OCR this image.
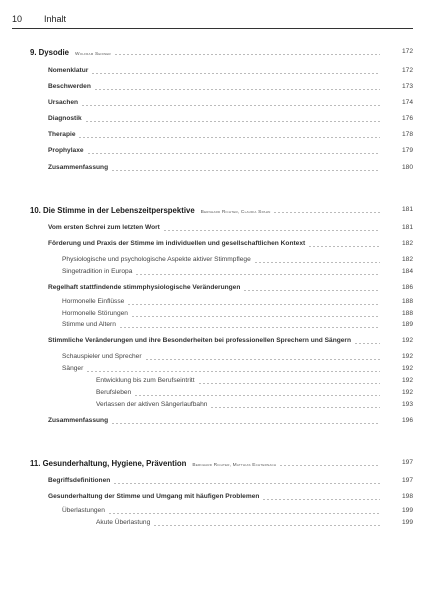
10 Inhalt
9. Dysodie Wolfram Seidner	172
Nomenklatur	172
Beschwerden	173
Ursachen	174
Diagnostik	176
Therapie	178
Prophylaxe	179
Zusammenfassung	180
10. Die Stimme in der Lebenszeitperspektive Bernhard Richter, Claudia Spahn	181
Vom ersten Schrei zum letzten Wort	181
Förderung und Praxis der Stimme im individuellen und gesellschaftlichen Kontext	182
Physiologische und psychologische Aspekte aktiver Stimmpflege	182
Singetradition in Europa	184
Regelhaft stattfindende stimmphysiologische Veränderungen	186
Hormonelle Einflüsse	188
Hormonelle Störungen	188
Stimme und Altern	189
Stimmliche Veränderungen und ihre Besonderheiten bei professionellen Sprechern und Sängern	192
Schauspieler und Sprecher	192
Sänger	192
Entwicklung bis zum Berufseintritt	192
Berufsleben	192
Verlassen der aktiven Sängerlaufbahn	193
Zusammenfassung	196
11. Gesunderhaltung, Hygiene, Prävention Bernhard Richter, Matthias Echternach	197
Begriffsdefinitionen	197
Gesunderhaltung der Stimme und Umgang mit häufigen Problemen	198
Überlastungen	199
Akute Überlastung	199
